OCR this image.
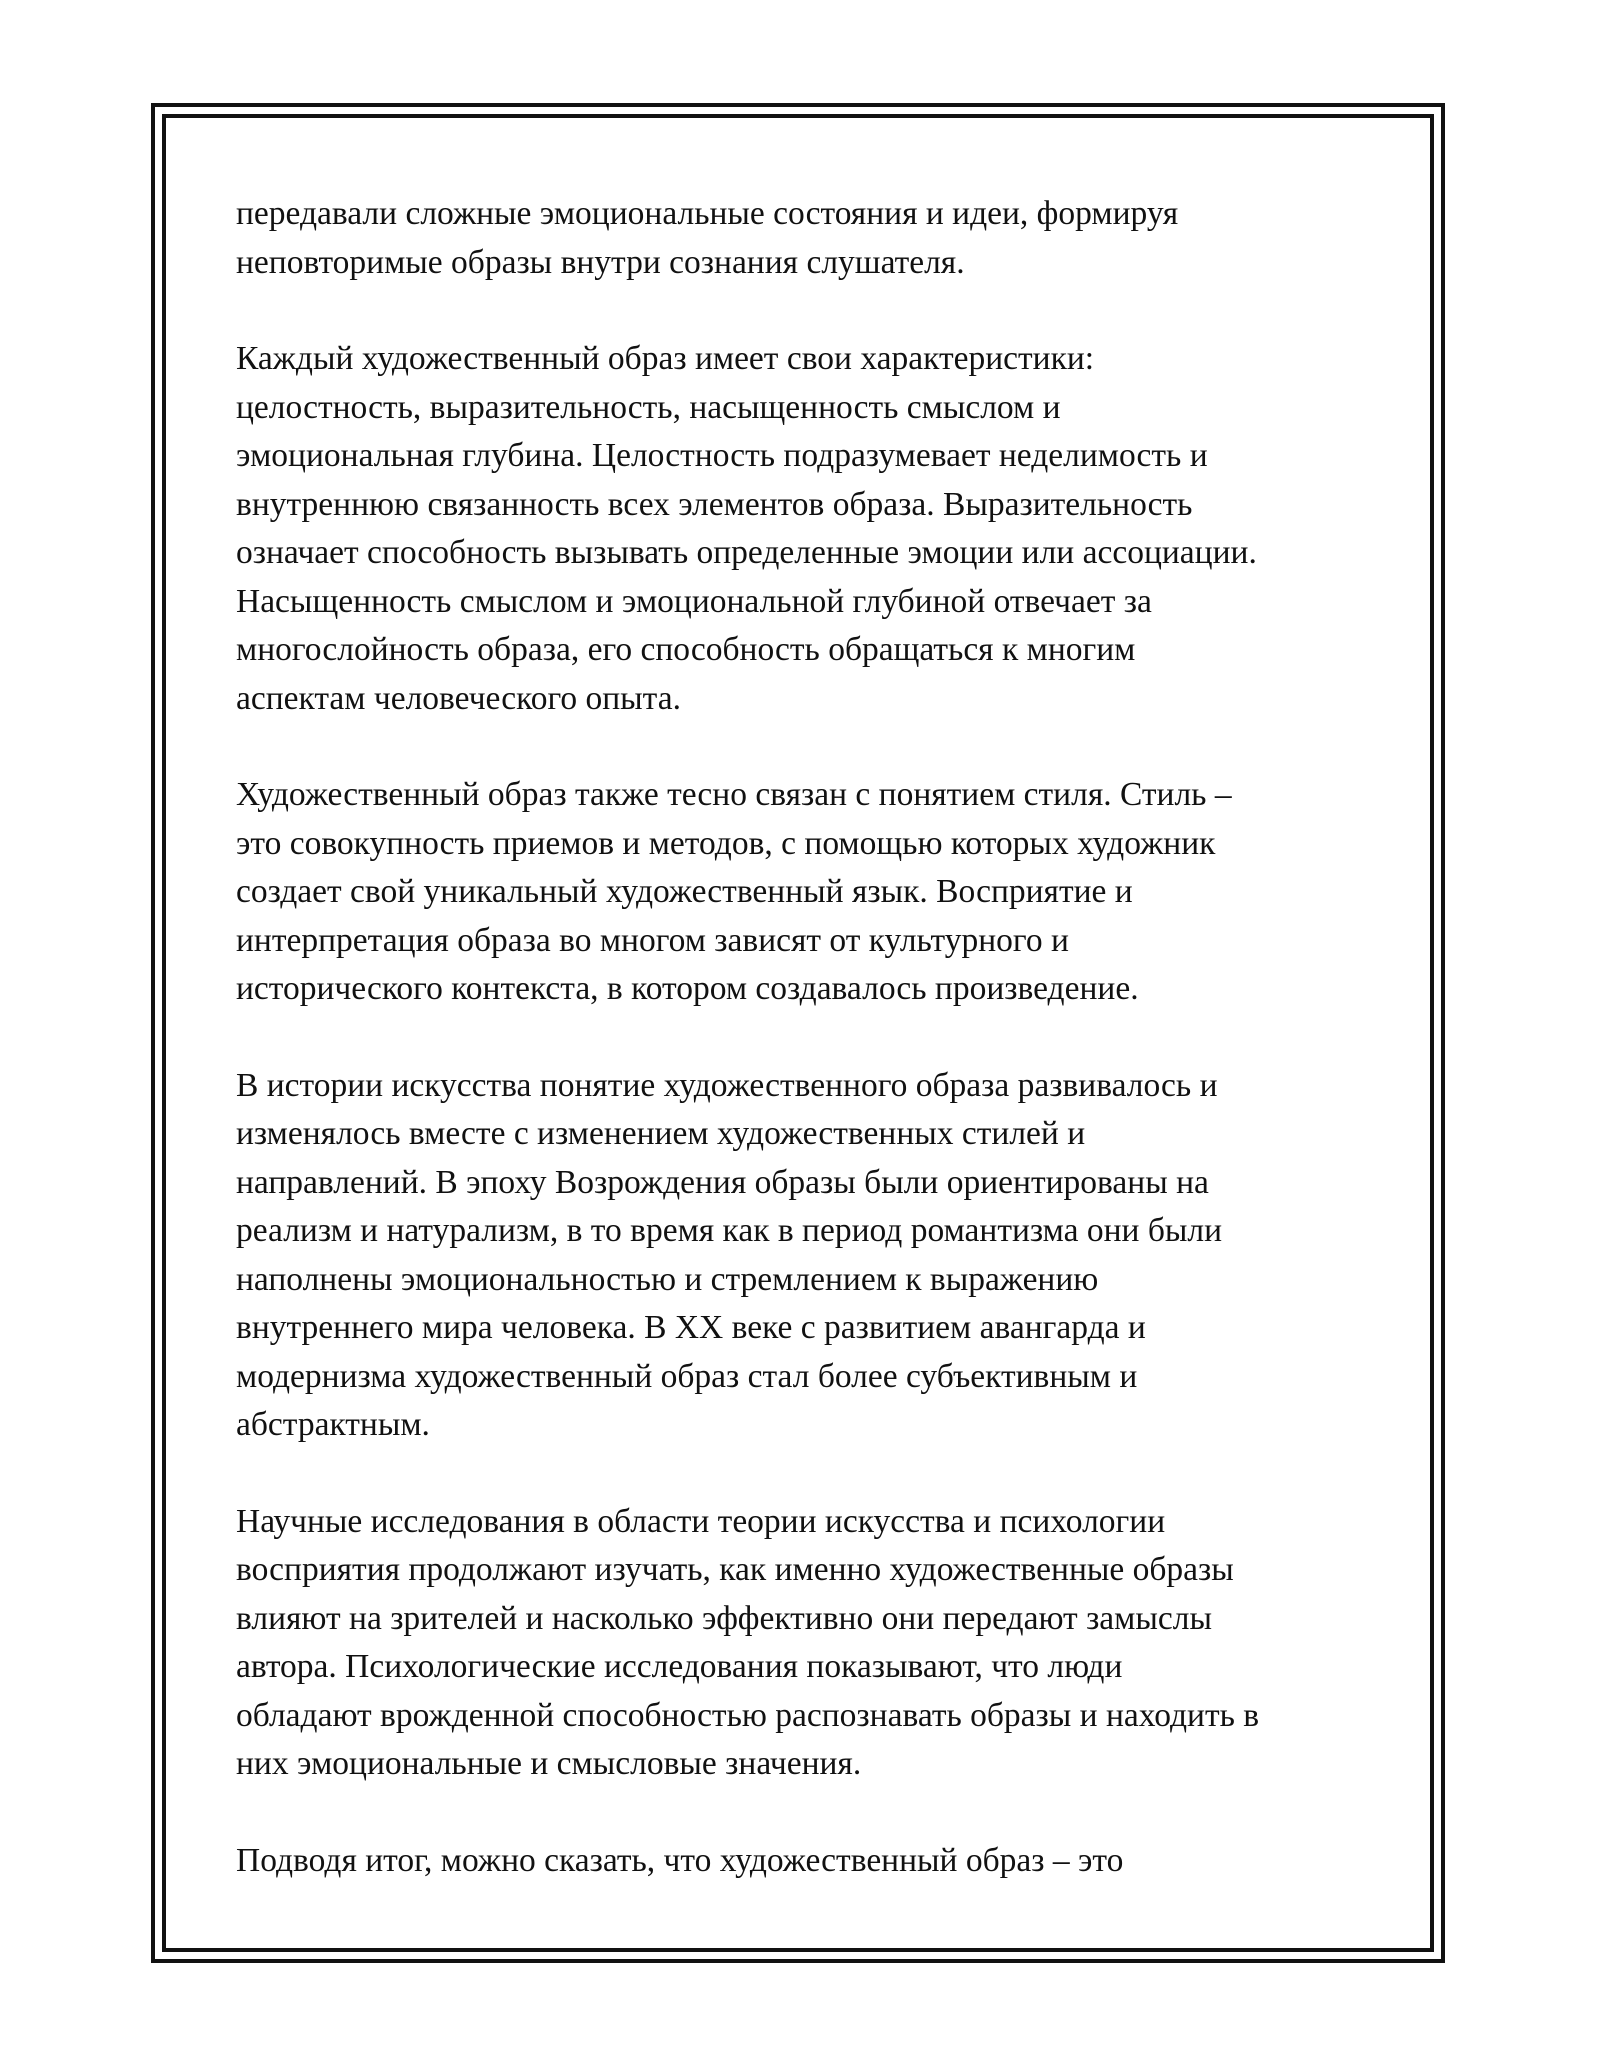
передавали сложные эмоциональные состояния и идеи, формируя
неповторимые образы внутри сознания слушателя.

Каждый художественный образ имеет свои характеристики:
целостность, выразительность, насыщенность смыслом и
эмоциональная глубина. Целостность подразумевает неделимость и
внутреннюю связанность всех элементов образа. Выразительность
означает способность вызывать определенные эмоции или ассоциации.
Насыщенность смыслом и эмоциональной глубиной отвечает за
многослойность образа, его способность обращаться к многим
аспектам человеческого опыта.

Художественный образ также тесно связан с понятием стиля. Стиль –
это совокупность приемов и методов, с помощью которых художник
создает свой уникальный художественный язык. Восприятие и
интерпретация образа во многом зависят от культурного и
исторического контекста, в котором создавалось произведение.

В истории искусства понятие художественного образа развивалось и
изменялось вместе с изменением художественных стилей и
направлений. В эпоху Возрождения образы были ориентированы на
реализм и натурализм, в то время как в период романтизма они были
наполнены эмоциональностью и стремлением к выражению
внутреннего мира человека. В XX веке с развитием авангарда и
модернизма художественный образ стал более субъективным и
абстрактным.

Научные исследования в области теории искусства и психологии
восприятия продолжают изучать, как именно художественные образы
влияют на зрителей и насколько эффективно они передают замыслы
автора. Психологические исследования показывают, что люди
обладают врожденной способностью распознавать образы и находить в
них эмоциональные и смысловые значения.

Подводя итог, можно сказать, что художественный образ – это
